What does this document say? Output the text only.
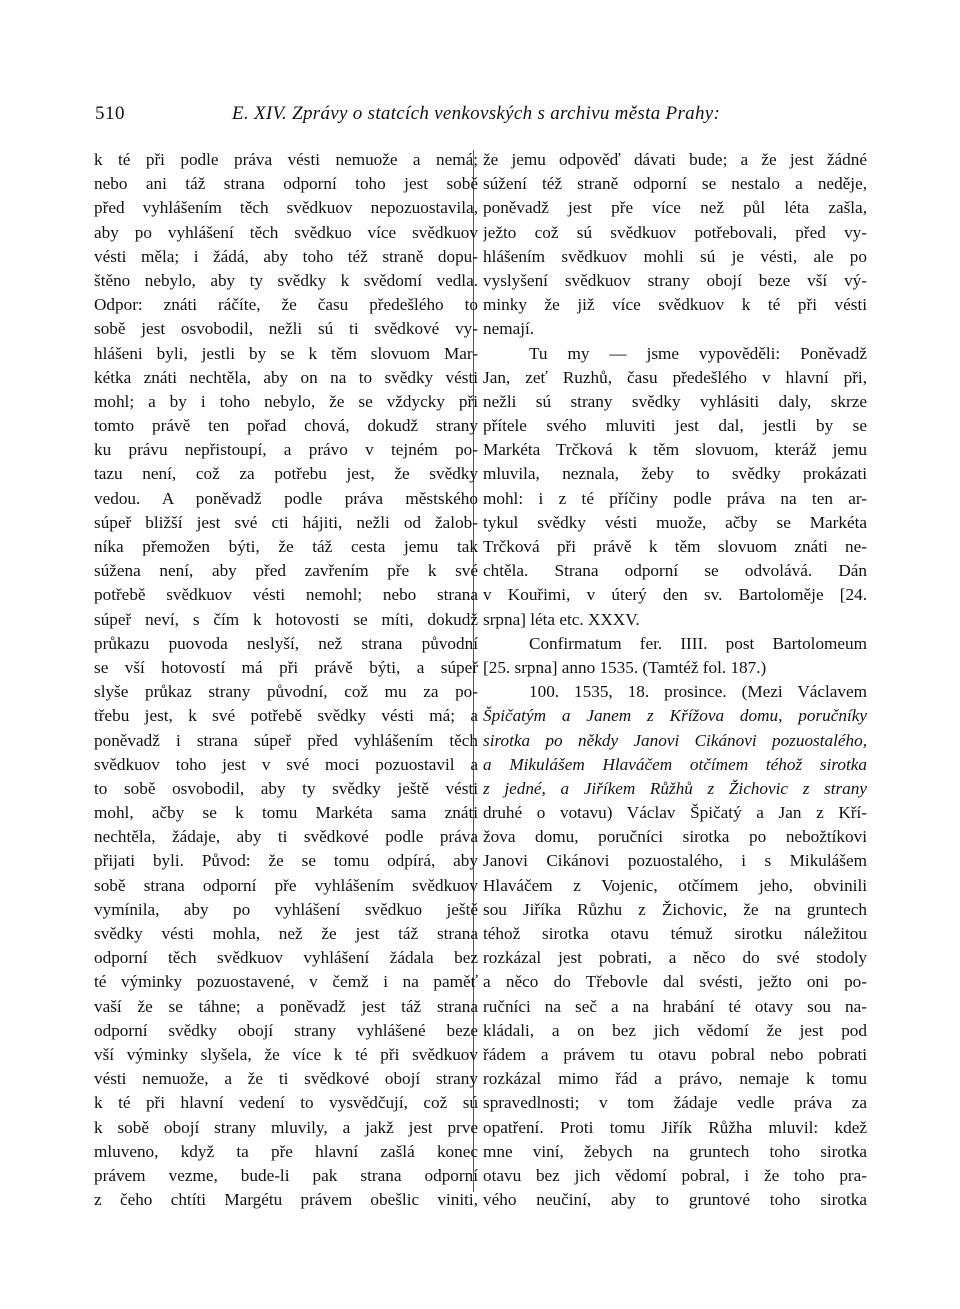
510	E. XIV. Zprávy o statcích venkovských s archivu města Prahy:
k té při podle práva vésti nemuože a nemá;
nebo ani táž strana odporní toho jest sobě
před vyhlášením těch svědkuov nepozuostavila,
aby po vyhlášení těch svědkuo více svědkuov
vésti měla; i žádá, aby toho též straně dopu-
štěno nebylo, aby ty svědky k svědomí vedla.
Odpor: znáti ráčíte, že času předešlého to
sobě jest osvobodil, nežli sú ti svědkové vy-
hlášeni byli, jestli by se k těm slovuom Mar-
kétka znáti nechtěla, aby on na to svědky vésti
mohl; a by i toho nebylo, že se vždycky při
tomto právě ten pořad chová, dokudž strany
ku právu nepřistoupí, a právo v tejném po-
tazu není, což za potřebu jest, že svědky
vedou. A poněvadž podle práva městského
súpeř bližší jest své cti hájiti, nežli od žalob-
níka přemožen býti, že táž cesta jemu tak
súžena není, aby před zavřením pře k své
potřebě svědkuov vésti nemohl; nebo strana
súpeř neví, s čím k hotovosti se míti, dokudž
průkazu puovoda neslyší, než strana původní
se vší hotovostí má při právě býti, a súpeř
slyše průkaz strany původní, což mu za po-
třebu jest, k své potřebě svědky vésti má; a
poněvadž i strana súpeř před vyhlášením těch
svědkuov toho jest v své moci pozuostavil a
to sobě osvobodil, aby ty svědky ještě vésti
mohl, ačby se k tomu Markéta sama znáti
nechtěla, žádaje, aby ti svědkové podle práva
přijati byli. Původ: že se tomu odpírá, aby
sobě strana odporní pře vyhlášením svědkuov
vymínila, aby po vyhlášení svědkuo ještě
svědky vésti mohla, než že jest táž strana
odporní těch svědkuov vyhlášení žádala bez
té výminky pozuostavené, v čemž i na paměť
vaší že se táhne; a poněvadž jest táž strana
odporní svědky obojí strany vyhlášené beze
vší výminky slyšela, že více k té při svědkuov
vésti nemuože, a že ti svědkové obojí strany
k té při hlavní vedení to vysvědčují, což sú
k sobě obojí strany mluvily, a jakž jest prve
mluveno, když ta pře hlavní zašlá konec
právem vezme, bude-li pak strana odporní
z čeho chtíti Margétu právem obešlic viniti,
že jemu odpověď dávati bude; a že jest žádné
súžení též straně odporní se nestalo a neděje,
poněvadž jest pře více než půl léta zašla,
ježto což sú svědkuov potřebovali, před vy-
hlášením svědkuov mohli sú je vésti, ale po
vyslyšení svědkuov strany obojí beze vší vý-
minky že již více svědkuov k té při vésti
nemají.
Tu my — jsme vypověděli: Poněvadž
Jan, zeť Ruzhů, času předešlého v hlavní při,
nežli sú strany svědky vyhlásiti daly, skrze
přítele svého mluviti jest dal, jestli by se
Markéta Trčková k těm slovuom, kteráž jemu
mluvila, neznala, žeby to svědky prokázati
mohl: i z té příčiny podle práva na ten ar-
tykul svědky vésti muože, ačby se Markéta
Trčková při právě k těm slovuom znáti ne-
chtěla. Strana odporní se odvolává. Dán
v Kouřimi, v úterý den sv. Bartoloměje [24.
srpna] léta etc. XXXV.
Confirmatum fer. IIII. post Bartolomeum
[25. srpna] anno 1535. (Tamtéž fol. 187.)
100. 1535, 18. prosince. (Mezi Václavem
Špičatým a Janem z Křížova domu, poručníky
sirotka po někdy Janovi Cikánovi pozuostalého,
a Mikulášem Hlaváčem otčímem téhož sirotka
z jedné, a Jiříkem Růžhů z Žichovic z strany
druhé o votavu) Václav Špičatý a Jan z Kří-
žova domu, poručníci sirotka po nebožtíkovi
Janovi Cikánovi pozuostalého, i s Mikulášem
Hlaváčem z Vojenic, otčímem jeho, obvinili
sou Jiříka Růzhu z Žichovic, že na gruntech
téhož sirotka otavu témuž sirotku náležitou
rozkázal jest pobrati, a něco do své stodoly
a něco do Třebovle dal svésti, ježto oni po-
ručníci na seč a na hrabání té otavy sou na-
kládali, a on bez jich vědomí že jest pod
řádem a právem tu otavu pobral nebo pobrati
rozkázal mimo řád a právo, nemaje k tomu
spravedlnosti; v tom žádaje vedle práva za
opatření. Proti tomu Jiřík Růžha mluvil: kdež
mne viní, žebych na gruntech toho sirotka
otavu bez jich vědomí pobral, i že toho pra-
vého neučiní, aby to gruntové toho sirotka
